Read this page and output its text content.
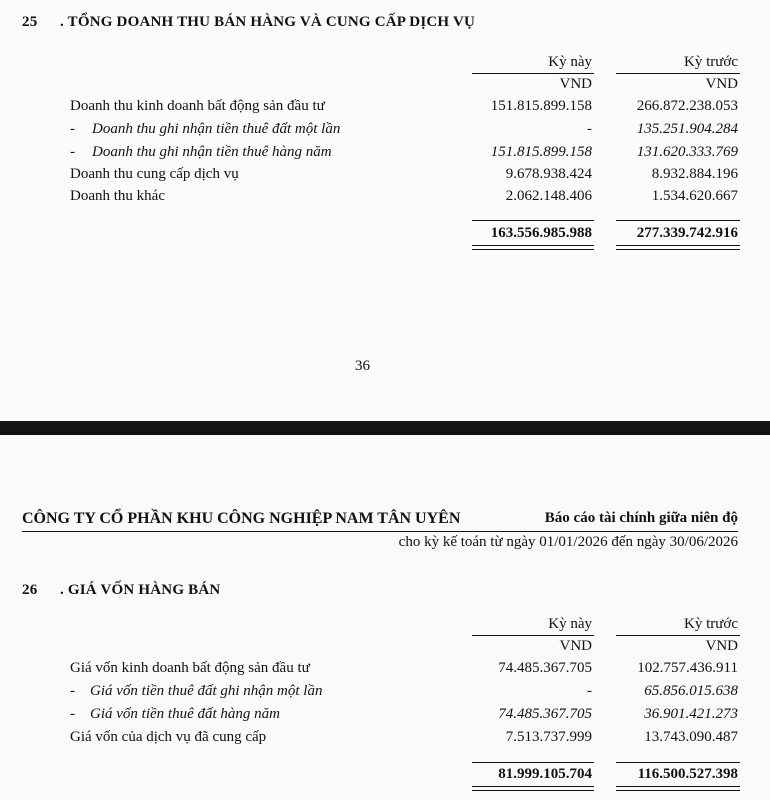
25 . TỔNG DOANH THU BÁN HÀNG VÀ CUNG CẤP DỊCH VỤ
Kỳ này	Kỳ trước
VND	VND
Doanh thu kinh doanh bất động sản đầu tư	151.815.899.158	266.872.238.053
- Doanh thu ghi nhận tiền thuê đất một lần	-	135.251.904.284
- Doanh thu ghi nhận tiền thuê hàng năm	151.815.899.158	131.620.333.769
Doanh thu cung cấp dịch vụ	9.678.938.424	8.932.884.196
Doanh thu khác	2.062.148.406	1.534.620.667
163.556.985.988	277.339.742.916
36
CÔNG TY CỔ PHẦN KHU CÔNG NGHIỆP NAM TÂN UYÊN	Báo cáo tài chính giữa niên độ
cho kỳ kế toán từ ngày 01/01/2026 đến ngày 30/06/2026
26 . GIÁ VỐN HÀNG BÁN
Kỳ này	Kỳ trước
VND	VND
Giá vốn kinh doanh bất động sản đầu tư	74.485.367.705	102.757.436.911
- Giá vốn tiền thuê đất ghi nhận một lần	-	65.856.015.638
- Giá vốn tiền thuê đất hàng năm	74.485.367.705	36.901.421.273
Giá vốn của dịch vụ đã cung cấp	7.513.737.999	13.743.090.487
81.999.105.704	116.500.527.398
